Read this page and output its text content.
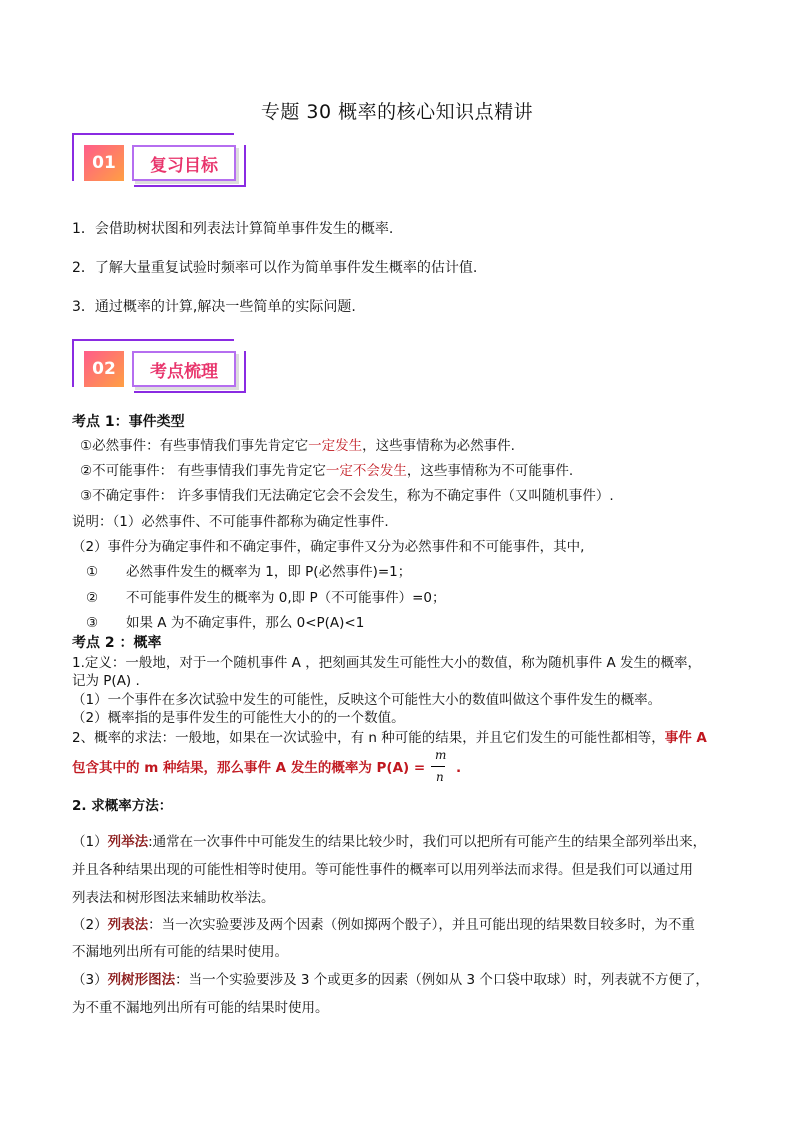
专题 30 概率的核心知识点精讲
01	复习目标
1．会借助树状图和列表法计算简单事件发生的概率.
2．了解大量重复试验时频率可以作为简单事件发生概率的估计值.
3．通过概率的计算,解决一些简单的实际问题.
02	考点梳理
考点 1：事件类型
①必然事件：有些事情我们事先肯定它一定发生，这些事情称为必然事件.
②不可能事件： 有些事情我们事先肯定它一定不会发生，这些事情称为不可能事件.
③不确定事件： 许多事情我们无法确定它会不会发生，称为不确定事件（又叫随机事件）.
说明：（1）必然事件、不可能事件都称为确定性事件.
（2）事件分为确定事件和不确定事件，确定事件又分为必然事件和不可能事件，其中,
① 必然事件发生的概率为 1，即 P(必然事件)=1；
② 不可能事件发生的概率为 0,即 P（不可能事件）=0；
③ 如果 A 为不确定事件，那么 0<P(A)<1
考点 2 ：概率
1.定义：一般地，对于一个随机事件 A ，把刻画其发生可能性大小的数值，称为随机事件 A 发生的概率，
记为 P(A) .
（1）一个事件在多次试验中发生的可能性，反映这个可能性大小的数值叫做这个事件发生的概率。
（2）概率指的是事件发生的可能性大小的的一个数值。
2、概率的求法：一般地，如果在一次试验中，有 n 种可能的结果，并且它们发生的可能性都相等，事件 A
包含其中的 m 种结果，那么事件 A 发生的概率为 P(A) =
m
n
.
2. 求概率方法：
（1）列举法:通常在一次事件中可能发生的结果比较少时，我们可以把所有可能产生的结果全部列举出来，
并且各种结果出现的可能性相等时使用。等可能性事件的概率可以用列举法而求得。但是我们可以通过用
列表法和树形图法来辅助枚举法。
（2）列表法：当一次实验要涉及两个因素（例如掷两个骰子），并且可能出现的结果数目较多时，为不重
不漏地列出所有可能的结果时使用。
（3）列树形图法：当一个实验要涉及 3 个或更多的因素（例如从 3 个口袋中取球）时，列表就不方便了，
为不重不漏地列出所有可能的结果时使用。
